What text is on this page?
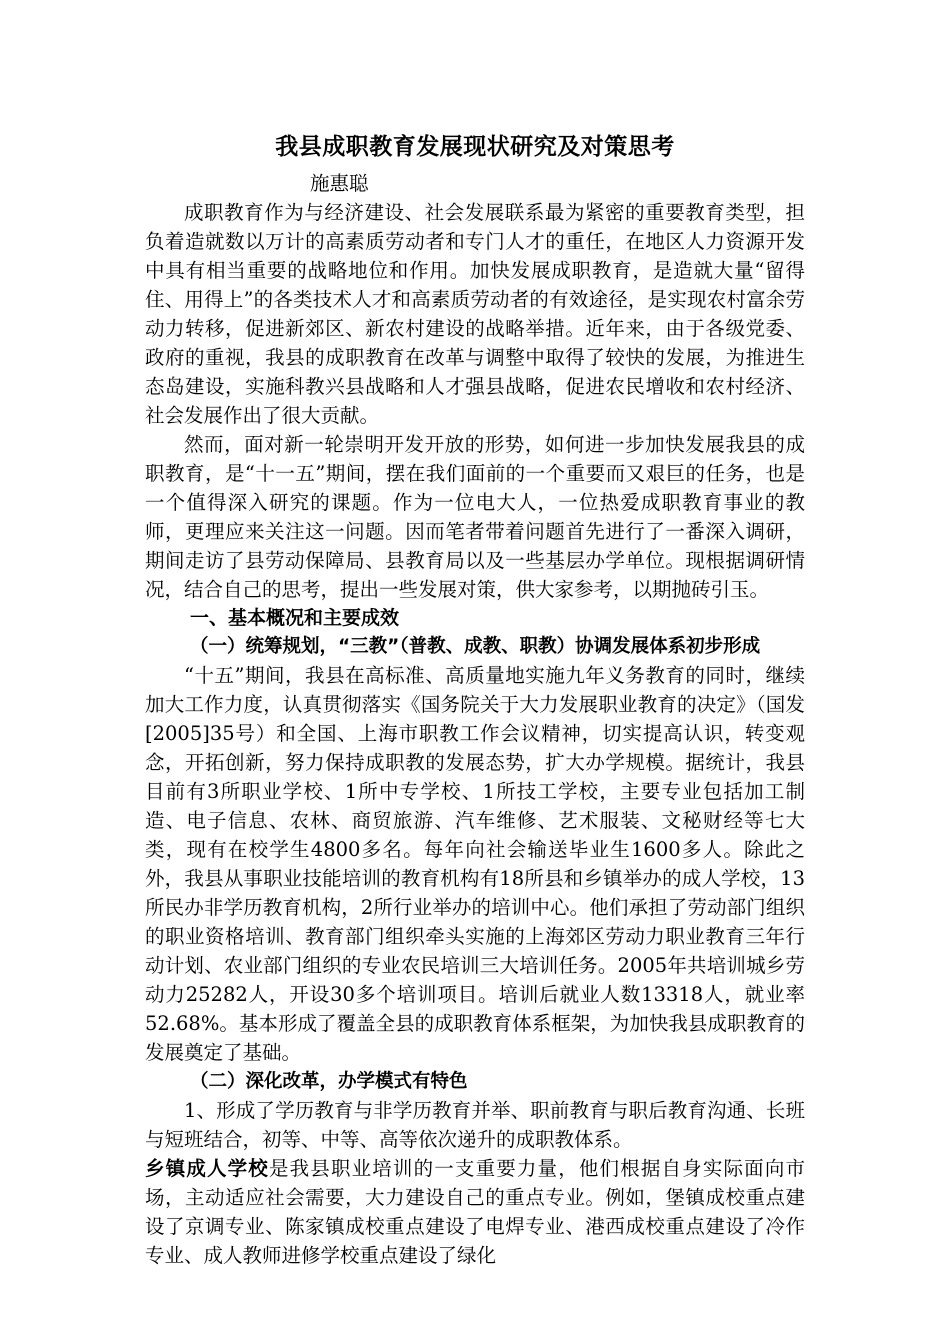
我县成职教育发展现状研究及对策思考
施惠聪

成职教育作为与经济建设、社会发展联系最为紧密的重要教育类型，担负着造就数以万计的高素质劳动者和专门人才的重任，在地区人力资源开发中具有相当重要的战略地位和作用。加快发展成职教育，是造就大量“留得住、用得上”的各类技术人才和高素质劳动者的有效途径，是实现农村富余劳动力转移，促进新郊区、新农村建设的战略举措。近年来，由于各级党委、政府的重视，我县的成职教育在改革与调整中取得了较快的发展，为推进生态岛建设，实施科教兴县战略和人才强县战略，促进农民增收和农村经济、社会发展作出了很大贡献。

然而，面对新一轮崇明开发开放的形势，如何进一步加快发展我县的成职教育，是“十一五”期间，摆在我们面前的一个重要而又艰巨的任务，也是一个值得深入研究的课题。作为一位电大人，一位热爱成职教育事业的教师，更理应来关注这一问题。因而笔者带着问题首先进行了一番深入调研，期间走访了县劳动保障局、县教育局以及一些基层办学单位。现根据调研情况，结合自己的思考，提出一些发展对策，供大家参考，以期抛砖引玉。

一、基本概况和主要成效
（一）统筹规划，“三教”（普教、成教、职教）协调发展体系初步形成

“十五”期间，我县在高标准、高质量地实施九年义务教育的同时，继续加大工作力度，认真贯彻落实《国务院关于大力发展职业教育的决定》（国发[2005]35号）和全国、上海市职教工作会议精神，切实提高认识，转变观念，开拓创新，努力保持成职教的发展态势，扩大办学规模。据统计，我县目前有3所职业学校、1所中专学校、1所技工学校，主要专业包括加工制造、电子信息、农林、商贸旅游、汽车维修、艺术服装、文秘财经等七大类，现有在校学生4800多名。每年向社会输送毕业生1600多人。除此之外，我县从事职业技能培训的教育机构有18所县和乡镇举办的成人学校，13所民办非学历教育机构，2所行业举办的培训中心。他们承担了劳动部门组织的职业资格培训、教育部门组织牵头实施的上海郊区劳动力职业教育三年行动计划、农业部门组织的专业农民培训三大培训任务。2005年共培训城乡劳动力25282人，开设30多个培训项目。培训后就业人数13318人，就业率52.68%。基本形成了覆盖全县的成职教育体系框架，为加快我县成职教育的发展奠定了基础。

（二）深化改革，办学模式有特色

1、形成了学历教育与非学历教育并举、职前教育与职后教育沟通、长班与短班结合，初等、中等、高等依次递升的成职教体系。

乡镇成人学校是我县职业培训的一支重要力量，他们根据自身实际面向市场，主动适应社会需要，大力建设自己的重点专业。例如，堡镇成校重点建设了京调专业、陈家镇成校重点建设了电焊专业、港西成校重点建设了冷作专业、成人教师进修学校重点建设了绿化
